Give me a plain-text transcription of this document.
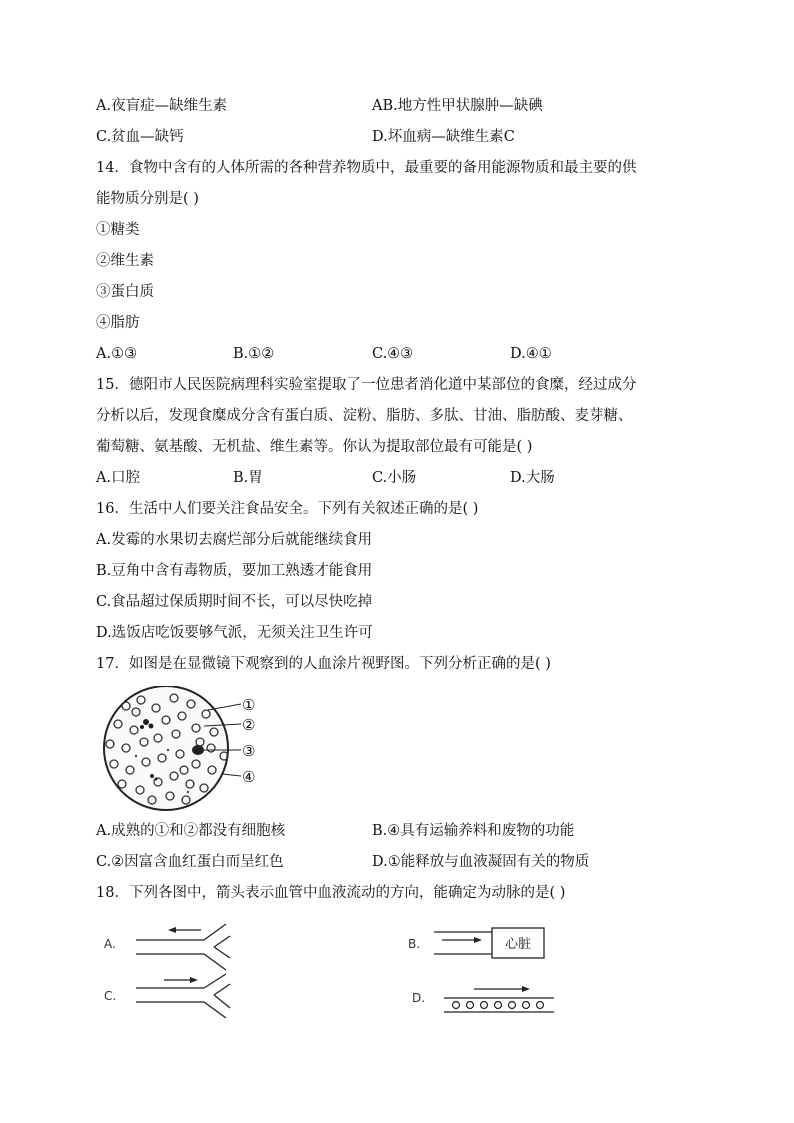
A.夜盲症—缺维生素	AB.地方性甲状腺肿—缺碘
C.贫血—缺钙	D.坏血病—缺维生素C
14．食物中含有的人体所需的各种营养物质中，最重要的备用能源物质和最主要的供
能物质分别是( )
①糖类
②维生素
③蛋白质
④脂肪
A.①③	B.①②	C.④③	D.④①
15．德阳市人民医院病理科实验室提取了一位患者消化道中某部位的食糜，经过成分
分析以后，发现食糜成分含有蛋白质、淀粉、脂肪、多肽、甘油、脂肪酸、麦芽糖、
葡萄糖、氨基酸、无机盐、维生素等。你认为提取部位最有可能是( )
A.口腔	B.胃	C.小肠	D.大肠
16．生活中人们要关注食品安全。下列有关叙述正确的是( )
A.发霉的水果切去腐烂部分后就能继续食用
B.豆角中含有毒物质，要加工熟透才能食用
C.食品超过保质期时间不长，可以尽快吃掉
D.选饭店吃饭要够气派，无须关注卫生许可
17．如图是在显微镜下观察到的人血涂片视野图。下列分析正确的是( )
①
②
③
④
A.成熟的①和②都没有细胞核	B.④具有运输养料和废物的功能
C.②因富含血红蛋白而呈红色	D.①能释放与血液凝固有关的物质
18．下列各图中，箭头表示血管中血液流动的方向，能确定为动脉的是( )
A.	B.
C.	D.
心脏
